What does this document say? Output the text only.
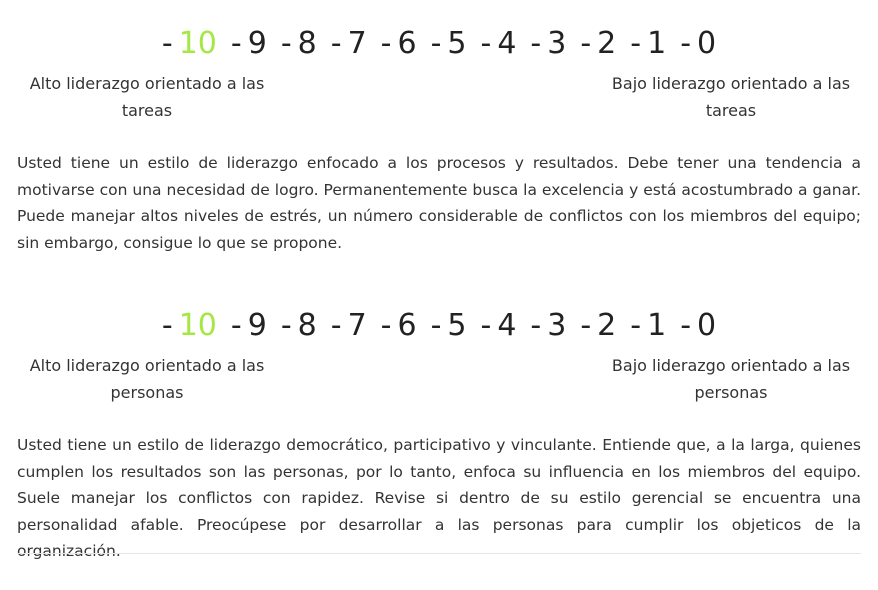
- 10 - 9 - 8 - 7 - 6 - 5 - 4 - 3 - 2 - 1 - 0
Alto liderazgo orientado a las tareas
Bajo liderazgo orientado a las tareas

Usted tiene un estilo de liderazgo enfocado a los procesos y resultados. Debe tener una tendencia a motivarse con una necesidad de logro. Permanentemente busca la excelencia y está acostumbrado a ganar. Puede manejar altos niveles de estrés, un número considerable de conflictos con los miembros del equipo; sin embargo, consigue lo que se propone.

- 10 - 9 - 8 - 7 - 6 - 5 - 4 - 3 - 2 - 1 - 0
Alto liderazgo orientado a las personas
Bajo liderazgo orientado a las personas

Usted tiene un estilo de liderazgo democrático, participativo y vinculante. Entiende que, a la larga, quienes cumplen los resultados son las personas, por lo tanto, enfoca su influencia en los miembros del equipo. Suele manejar los conflictos con rapidez. Revise si dentro de su estilo gerencial se encuentra una personalidad afable. Preocúpese por desarrollar a las personas para cumplir los objeticos de la organización.
